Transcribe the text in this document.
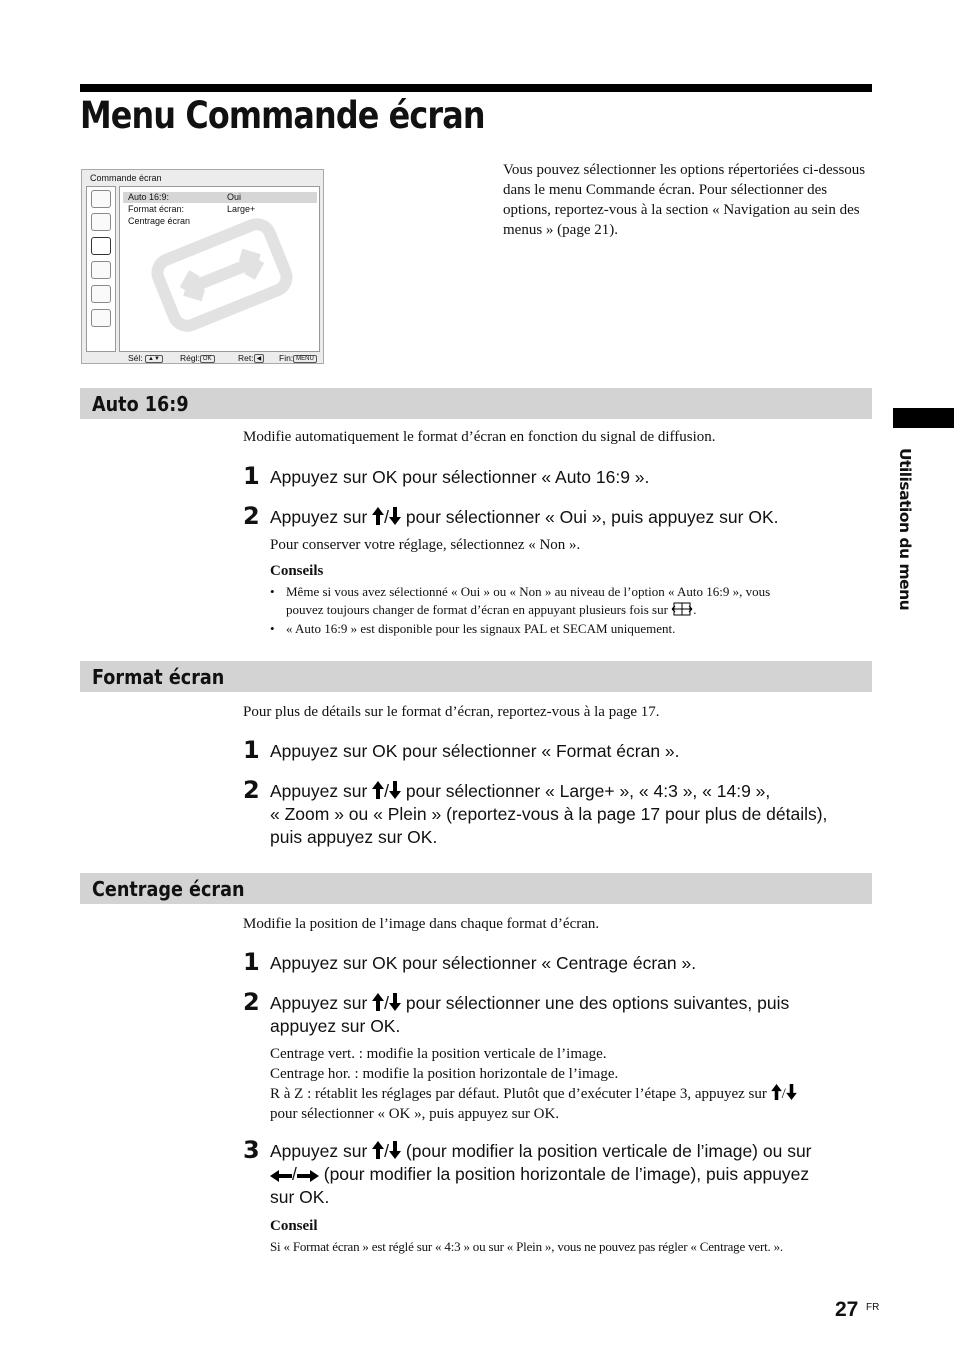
Menu Commande écran
Commande écran
Auto 16:9:	Oui
Format écran:	Large+
Centrage écran
Sél: ▲▼	Régl: OK	Ret: ◀	Fin: MENU
Vous pouvez sélectionner les options répertoriées ci-dessous dans le menu Commande écran. Pour sélectionner des options, reportez-vous à la section « Navigation au sein des menus » (page 21).
Utilisation du menu
Auto 16:9
Modifie automatiquement le format d’écran en fonction du signal de diffusion.
1 Appuyez sur OK pour sélectionner « Auto 16:9 ».
2 Appuyez sur / pour sélectionner « Oui », puis appuyez sur OK.
Pour conserver votre réglage, sélectionnez « Non ».
Conseils
• Même si vous avez sélectionné « Oui » ou « Non » au niveau de l’option « Auto 16:9 », vous
pouvez toujours changer de format d’écran en appuyant plusieurs fois sur .
• « Auto 16:9 » est disponible pour les signaux PAL et SECAM uniquement.
Format écran
Pour plus de détails sur le format d’écran, reportez-vous à la page 17.
1 Appuyez sur OK pour sélectionner « Format écran ».
2 Appuyez sur / pour sélectionner « Large+ », « 4:3 », « 14:9 »,
« Zoom » ou « Plein » (reportez-vous à la page 17 pour plus de détails),
puis appuyez sur OK.
Centrage écran
Modifie la position de l’image dans chaque format d’écran.
1 Appuyez sur OK pour sélectionner « Centrage écran ».
2 Appuyez sur / pour sélectionner une des options suivantes, puis
appuyez sur OK.
Centrage vert. : modifie la position verticale de l’image.
Centrage hor. : modifie la position horizontale de l’image.
R à Z : rétablit les réglages par défaut. Plutôt que d’exécuter l’étape 3, appuyez sur /
pour sélectionner « OK », puis appuyez sur OK.
3 Appuyez sur / (pour modifier la position verticale de l’image) ou sur
/ (pour modifier la position horizontale de l’image), puis appuyez
sur OK.
Conseil
Si « Format écran » est réglé sur « 4:3 » ou sur « Plein », vous ne pouvez pas régler « Centrage vert. ».
27 FR
